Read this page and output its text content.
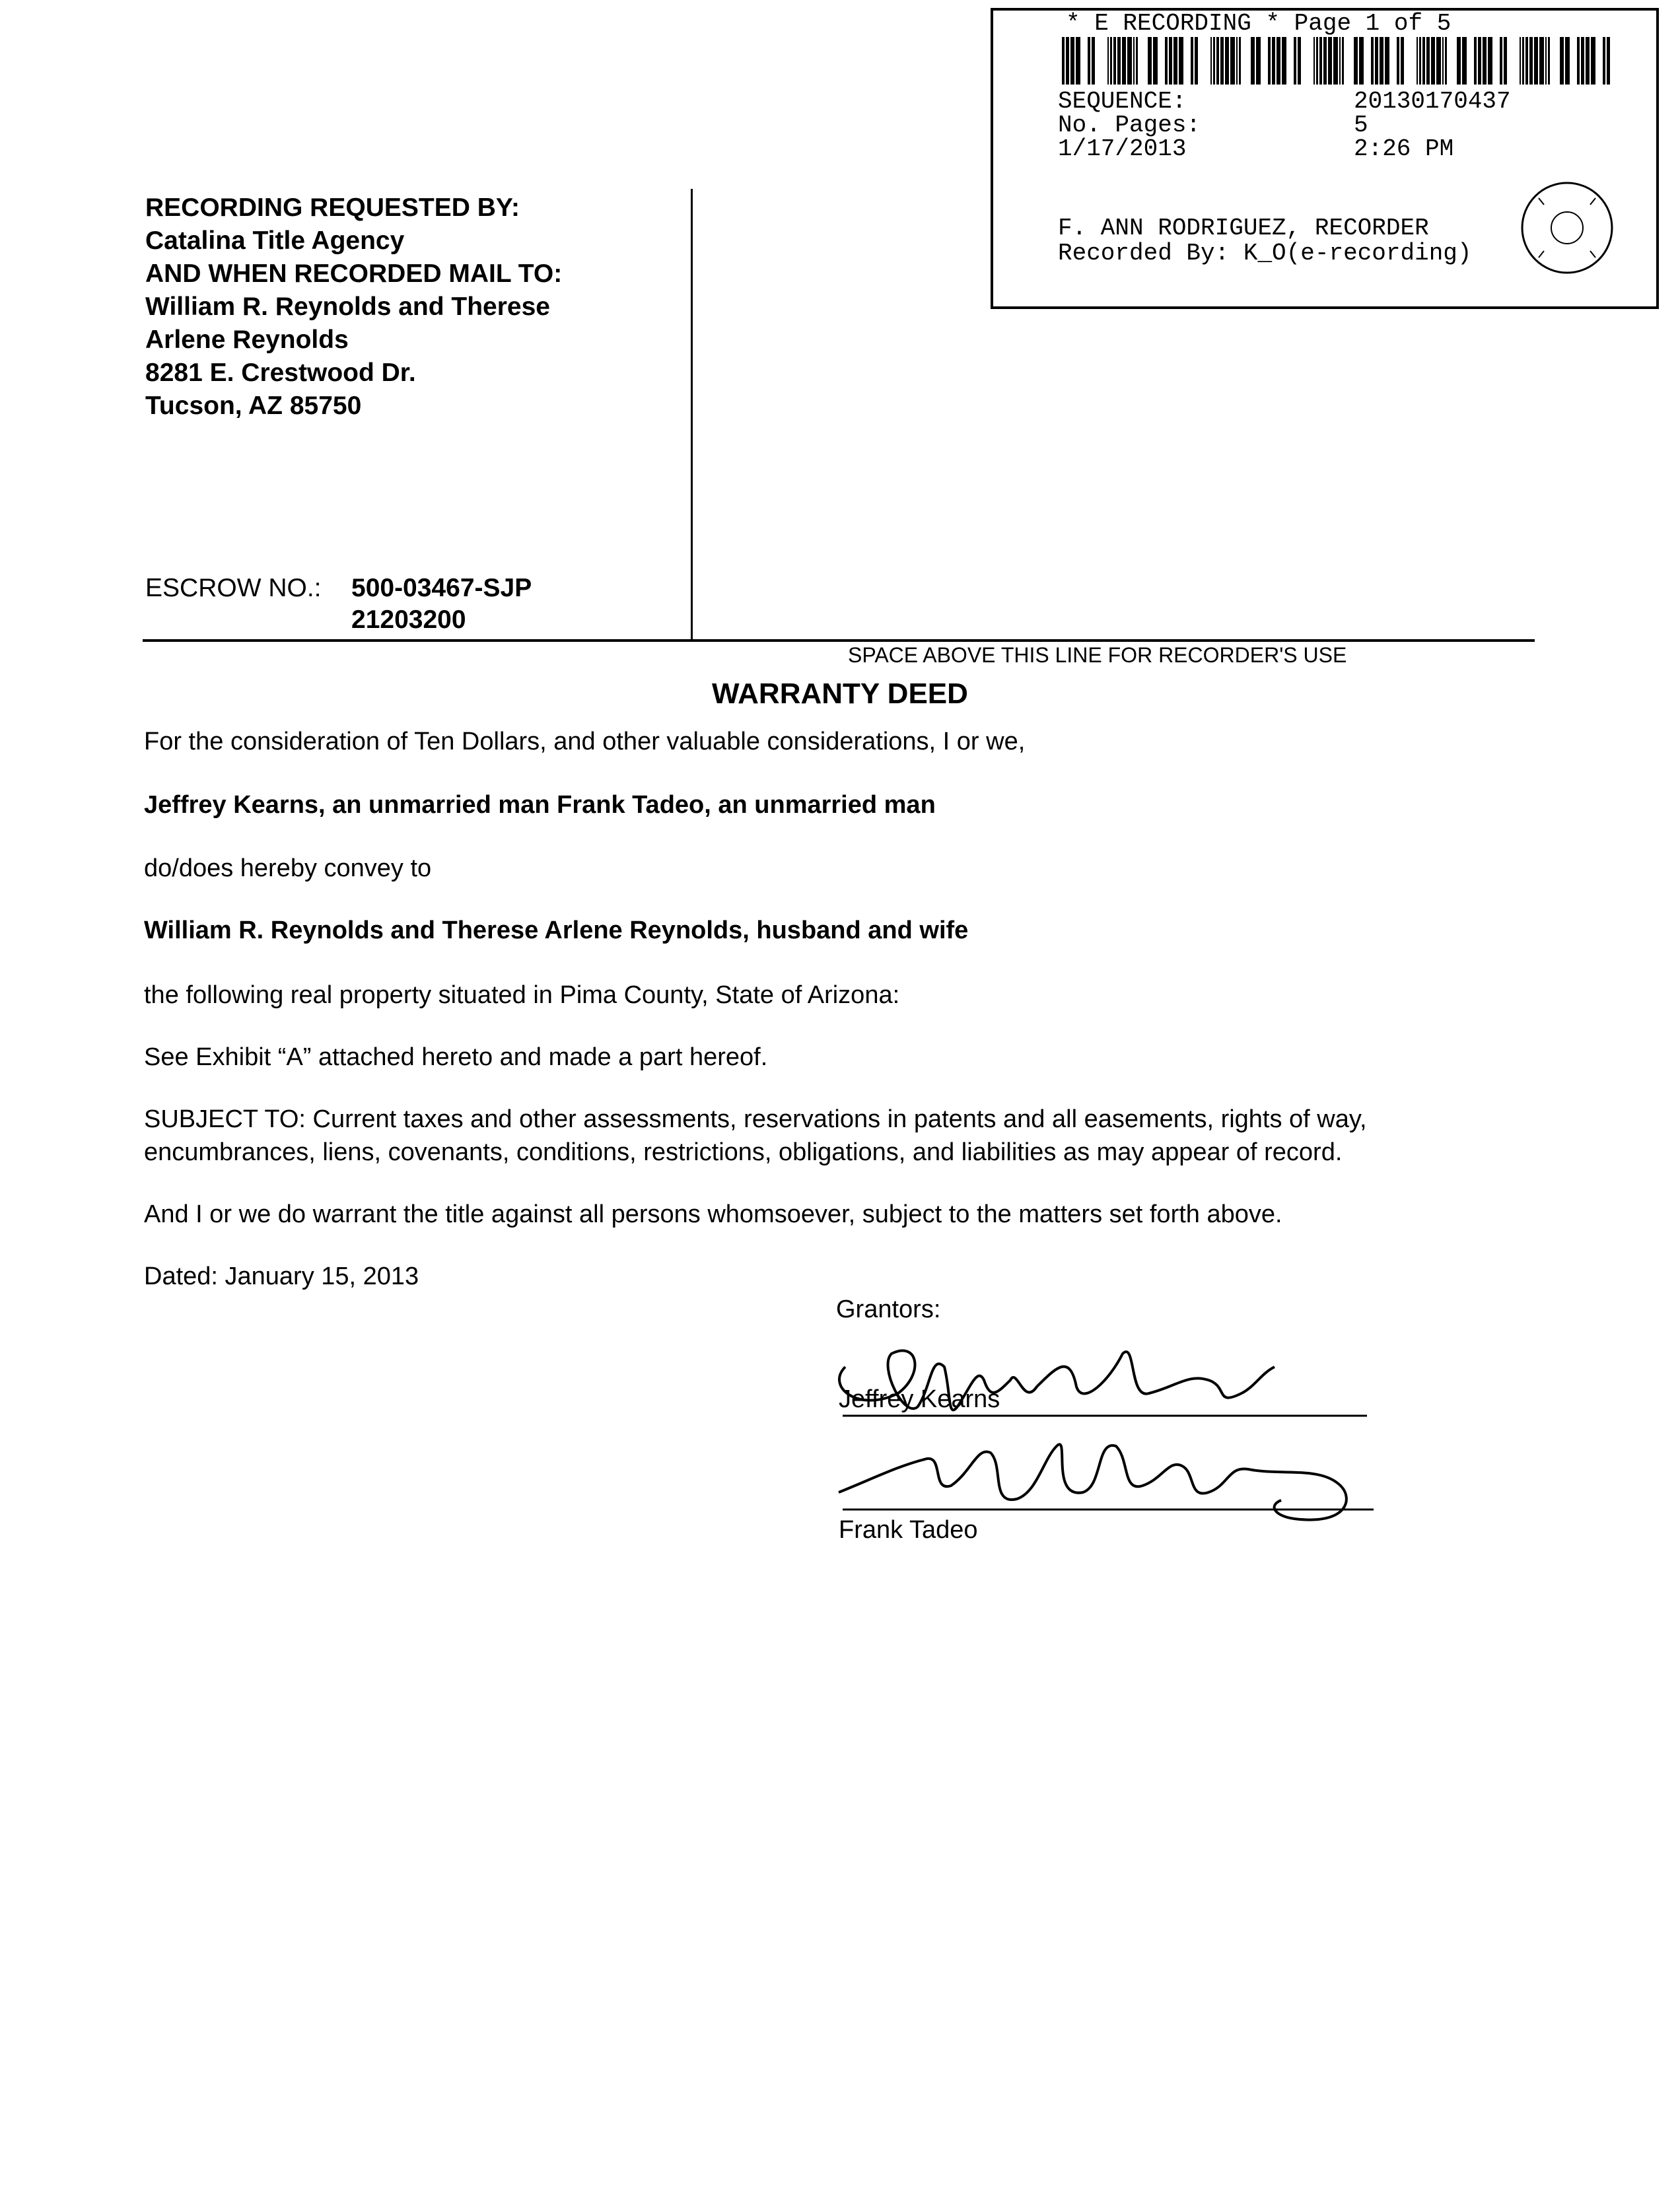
* E RECORDING * Page 1 of 5
SEQUENCE:	20130170437
No. Pages:	5
1/17/2013	2:26 PM
F. ANN RODRIGUEZ, RECORDER
Recorded By: K_O(e-recording)
RECORDING REQUESTED BY:
Catalina Title Agency
AND WHEN RECORDED MAIL TO:
William R. Reynolds and Therese
Arlene Reynolds
8281 E. Crestwood Dr.
Tucson, AZ 85750
ESCROW NO.: 500-03467-SJP
21203200
SPACE ABOVE THIS LINE FOR RECORDER'S USE
WARRANTY DEED
For the consideration of Ten Dollars, and other valuable considerations, I or we,
Jeffrey Kearns, an unmarried man Frank Tadeo, an unmarried man
do/does hereby convey to
William R. Reynolds and Therese Arlene Reynolds, husband and wife
the following real property situated in Pima County, State of Arizona:
See Exhibit “A” attached hereto and made a part hereof.
SUBJECT TO: Current taxes and other assessments, reservations in patents and all easements, rights of way,
encumbrances, liens, covenants, conditions, restrictions, obligations, and liabilities as may appear of record.
And I or we do warrant the title against all persons whomsoever, subject to the matters set forth above.
Dated: January 15, 2013
Grantors:
Jeffrey Kearns
Frank Tadeo
